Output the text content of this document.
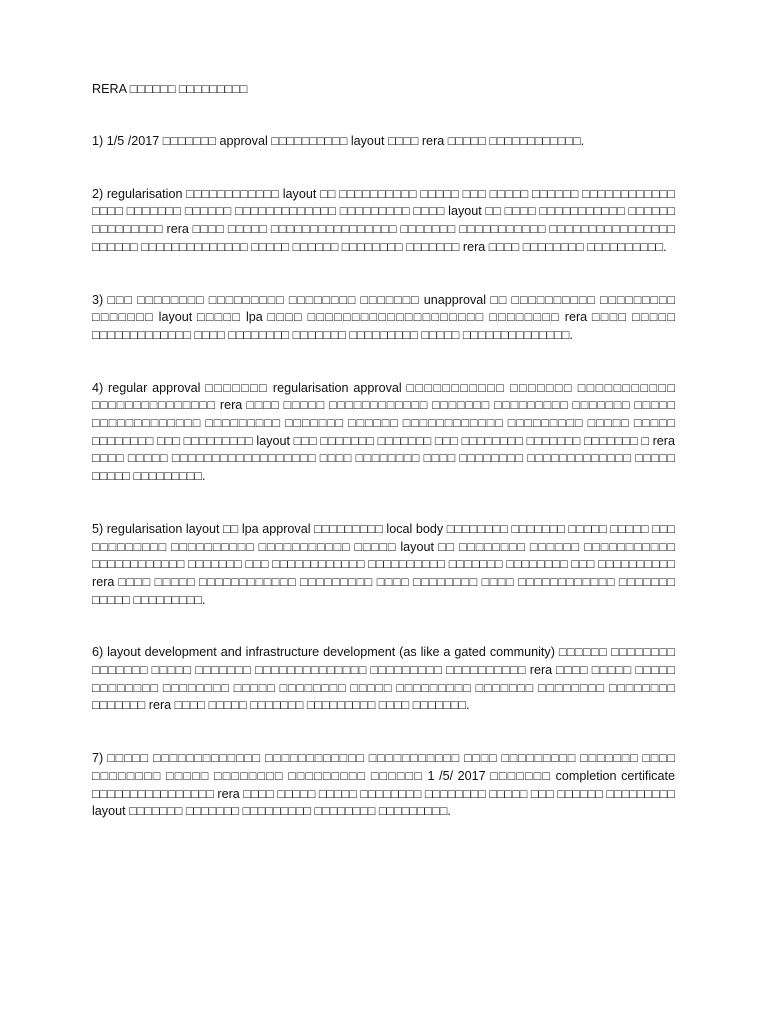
RERA □□□□□□ □□□□□□□□□

1) 1/5 /2017 □□□□□□□ approval □□□□□□□□□□ layout □□□□ rera □□□□□ □□□□□□□□□□□□.

2) regularisation □□□□□□□□□□□□ layout □□ □□□□□□□□□□ □□□□□ □□□ □□□□□ □□□□□□ □□□□□□□□□□□□ □□□□ □□□□□□□ □□□□□□ □□□□□□□□□□□□□ □□□□□□□□□ □□□□ layout □□ □□□□ □□□□□□□□□□□ □□□□□□ □□□□□□□□□ rera □□□□ □□□□□ □□□□□□□□□□□□□□□□ □□□□□□□ □□□□□□□□□□□ □□□□□□□□□□□□□□□□ □□□□□□ □□□□□□□□□□□□□□ □□□□□ □□□□□□ □□□□□□□□ □□□□□□□ rera □□□□ □□□□□□□□ □□□□□□□□□□.

3) □□□ □□□□□□□□ □□□□□□□□□ □□□□□□□□ □□□□□□□ unapproval □□ □□□□□□□□□□ □□□□□□□□□ □□□□□□□ layout □□□□□ lpa □□□□ □□□□□□□□□□□□□□□□□□□□ □□□□□□□□ rera □□□□ □□□□□ □□□□□□□□□□□□□ □□□□ □□□□□□□□ □□□□□□□ □□□□□□□□□ □□□□□ □□□□□□□□□□□□□□.

4) regular approval □□□□□□□ regularisation approval □□□□□□□□□□□ □□□□□□□ □□□□□□□□□□□ □□□□□□□□□□□□□□□ rera □□□□ □□□□□ □□□□□□□□□□□□ □□□□□□□ □□□□□□□□□ □□□□□□□ □□□□□ □□□□□□□□□□□□□ □□□□□□□□□ □□□□□□□ □□□□□□ □□□□□□□□□□□□ □□□□□□□□□ □□□□□ □□□□□ □□□□□□□□ □□□ □□□□□□□□□ layout □□□ □□□□□□□ □□□□□□□ □□□ □□□□□□□□ □□□□□□□ □□□□□□□ □ rera □□□□ □□□□□ □□□□□□□□□□□□□□□□□□ □□□□ □□□□□□□□ □□□□ □□□□□□□□ □□□□□□□□□□□□□ □□□□□ □□□□□ □□□□□□□□□.

5) regularisation layout □□ lpa approval □□□□□□□□□ local body □□□□□□□□ □□□□□□□ □□□□□ □□□□□ □□□ □□□□□□□□□ □□□□□□□□□□ □□□□□□□□□□□ □□□□□ layout □□ □□□□□□□□ □□□□□□ □□□□□□□□□□□ □□□□□□□□□□□□ □□□□□□□ □□□ □□□□□□□□□□□□ □□□□□□□□□□ □□□□□□□ □□□□□□□□ □□□ □□□□□□□□□□ rera □□□□ □□□□□ □□□□□□□□□□□□ □□□□□□□□□ □□□□ □□□□□□□□ □□□□ □□□□□□□□□□□□ □□□□□□□ □□□□□ □□□□□□□□□.

6) layout development and infrastructure development (as like a gated community) □□□□□□ □□□□□□□□ □□□□□□□ □□□□□ □□□□□□□ □□□□□□□□□□□□□□ □□□□□□□□□ □□□□□□□□□□ rera □□□□ □□□□□ □□□□□ □□□□□□□□ □□□□□□□□ □□□□□ □□□□□□□□ □□□□□ □□□□□□□□□ □□□□□□□ □□□□□□□□ □□□□□□□□ □□□□□□□ rera □□□□ □□□□□ □□□□□□□ □□□□□□□□□ □□□□ □□□□□□□.

7) □□□□□ □□□□□□□□□□□□□ □□□□□□□□□□□□ □□□□□□□□□□□ □□□□ □□□□□□□□□ □□□□□□□ □□□□ □□□□□□□□ □□□□□ □□□□□□□□ □□□□□□□□□ □□□□□□ 1 /5/ 2017 □□□□□□□ completion certificate □□□□□□□□□□□□□□□□ rera □□□□ □□□□□ □□□□□ □□□□□□□□ □□□□□□□□ □□□□□ □□□ □□□□□□ □□□□□□□□□ layout □□□□□□□ □□□□□□□ □□□□□□□□□ □□□□□□□□ □□□□□□□□□.
